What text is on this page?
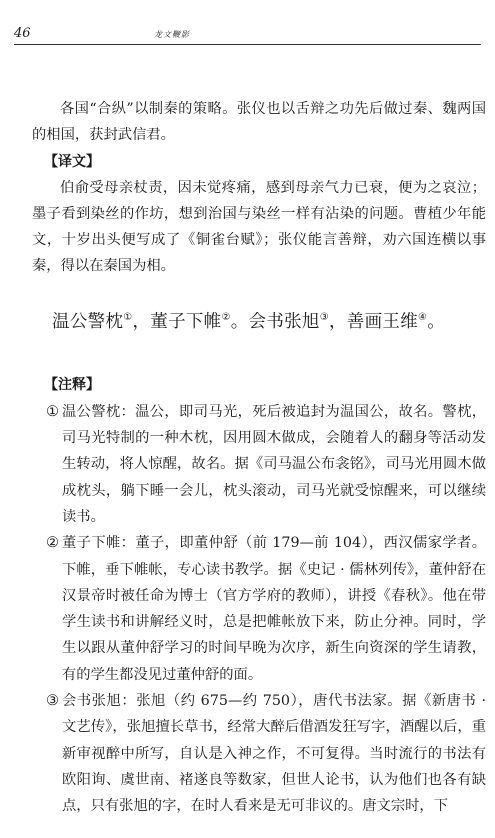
46	龙文鞭影

各国“合纵”以制秦的策略。张仪也以舌辩之功先后做过秦、魏两国的相国，获封武信君。

【译文】

伯俞受母亲杖责，因未觉疼痛，感到母亲气力已衰，便为之哀泣；墨子看到染丝的作坊，想到治国与染丝一样有沾染的问题。曹植少年能文，十岁出头便写成了《铜雀台赋》；张仪能言善辩，劝六国连横以事秦，得以在秦国为相。

温公警枕①，董子下帷②。会书张旭③，善画王维④。
【注释】
① 温公警枕：温公，即司马光，死后被追封为温国公，故名。警枕，司马光特制的一种木枕，因用圆木做成，会随着人的翻身等活动发生转动，将人惊醒，故名。据《司马温公布衾铭》，司马光用圆木做成枕头，躺下睡一会儿，枕头滚动，司马光就受惊醒来，可以继续读书。

② 董子下帷：董子，即董仲舒（前 179—前 104），西汉儒家学者。下帷，垂下帷帐，专心读书教学。据《史记 · 儒林列传》，董仲舒在汉景帝时被任命为博士（官方学府的教师），讲授《春秋》。他在带学生读书和讲解经义时，总是把帷帐放下来，防止分神。同时，学生以跟从董仲舒学习的时间早晚为次序，新生向资深的学生请教，有的学生都没见过董仲舒的面。

③ 会书张旭：张旭（约 675—约 750），唐代书法家。据《新唐书 · 文艺传》，张旭擅长草书，经常大醉后借酒发狂写字，酒醒以后，重新审视醉中所写，自认是入神之作，不可复得。当时流行的书法有欧阳询、虞世南、褚遂良等数家，但世人论书，认为他们也各有缺点，只有张旭的字，在时人看来是无可非议的。唐文宗时，下
